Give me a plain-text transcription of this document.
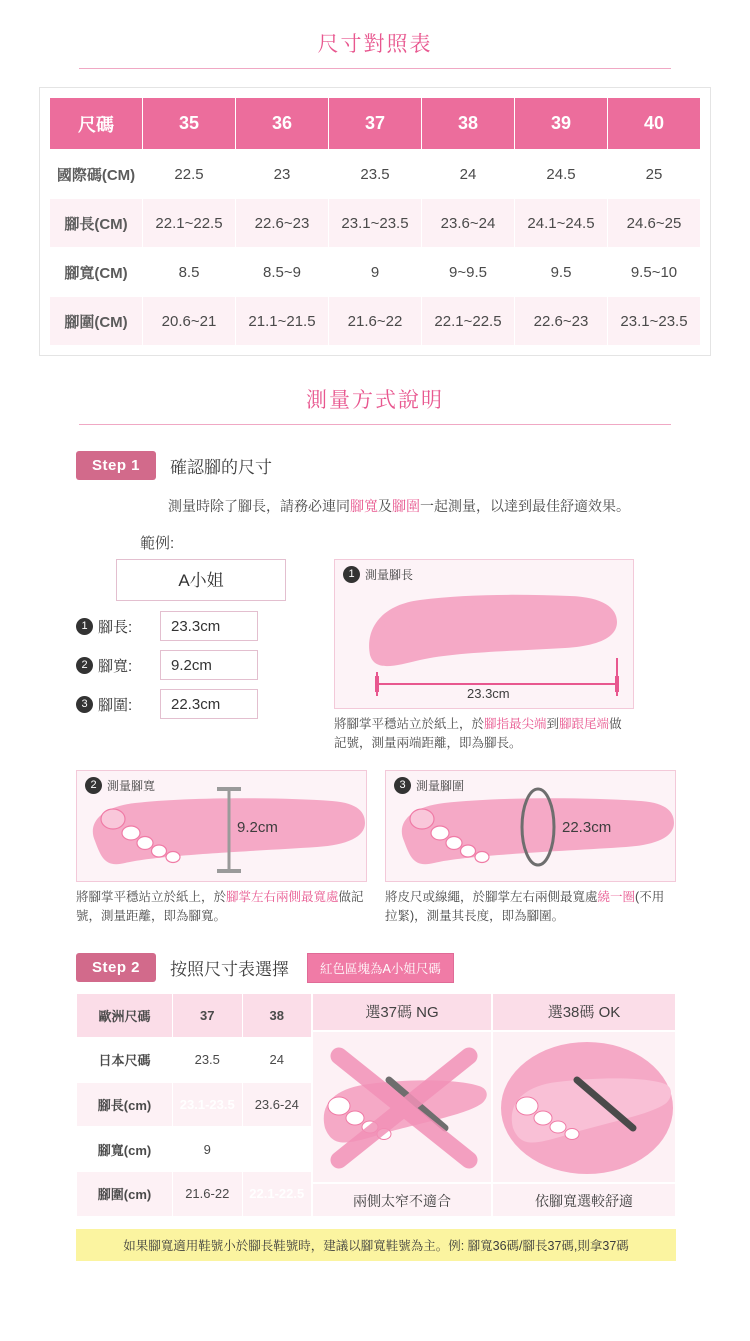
尺寸對照表
尺碼	35	36	37	38	39	40
國際碼(CM)	22.5	23	23.5	24	24.5	25
腳長(CM)	22.1~22.5	22.6~23	23.1~23.5	23.6~24	24.1~24.5	24.6~25
腳寬(CM)	8.5	8.5~9	9	9~9.5	9.5	9.5~10
腳圍(CM)	20.6~21	21.1~21.5	21.6~22	22.1~22.5	22.6~23	23.1~23.5
測量方式說明
Step 1	確認腳的尺寸
測量時除了腳長，請務必連同腳寬及腳圍一起測量，以達到最佳舒適效果。
範例:
A小姐
1 腳長:	23.3cm
2 腳寬:	9.2cm
3 腳圍:	22.3cm
1 測量腳長
23.3cm
將腳掌平穩站立於紙上，於腳指最尖端到腳跟尾端做記號，測量兩端距離，即為腳長。
2 測量腳寬
9.2cm
將腳掌平穩站立於紙上，於腳掌左右兩側最寬處做記號，測量距離，即為腳寬。
3 測量腳圍
22.3cm
將皮尺或線繩，於腳掌左右兩側最寬處繞一圈(不用拉緊)，測量其長度，即為腳圍。
Step 2	按照尺寸表選擇	紅色區塊為A小姐尺碼
歐洲尺碼	37	38
日本尺碼	23.5	24
腳長(cm)	23.1-23.5	23.6-24
腳寬(cm)	9	9-9.5
腳圍(cm)	21.6-22	22.1-22.5
選37碼 NG
兩側太窄不適合
選38碼 OK
依腳寬選較舒適
如果腳寬適用鞋號小於腳長鞋號時，建議以腳寬鞋號為主。例: 腳寬36碼/腳長37碼,則拿37碼
